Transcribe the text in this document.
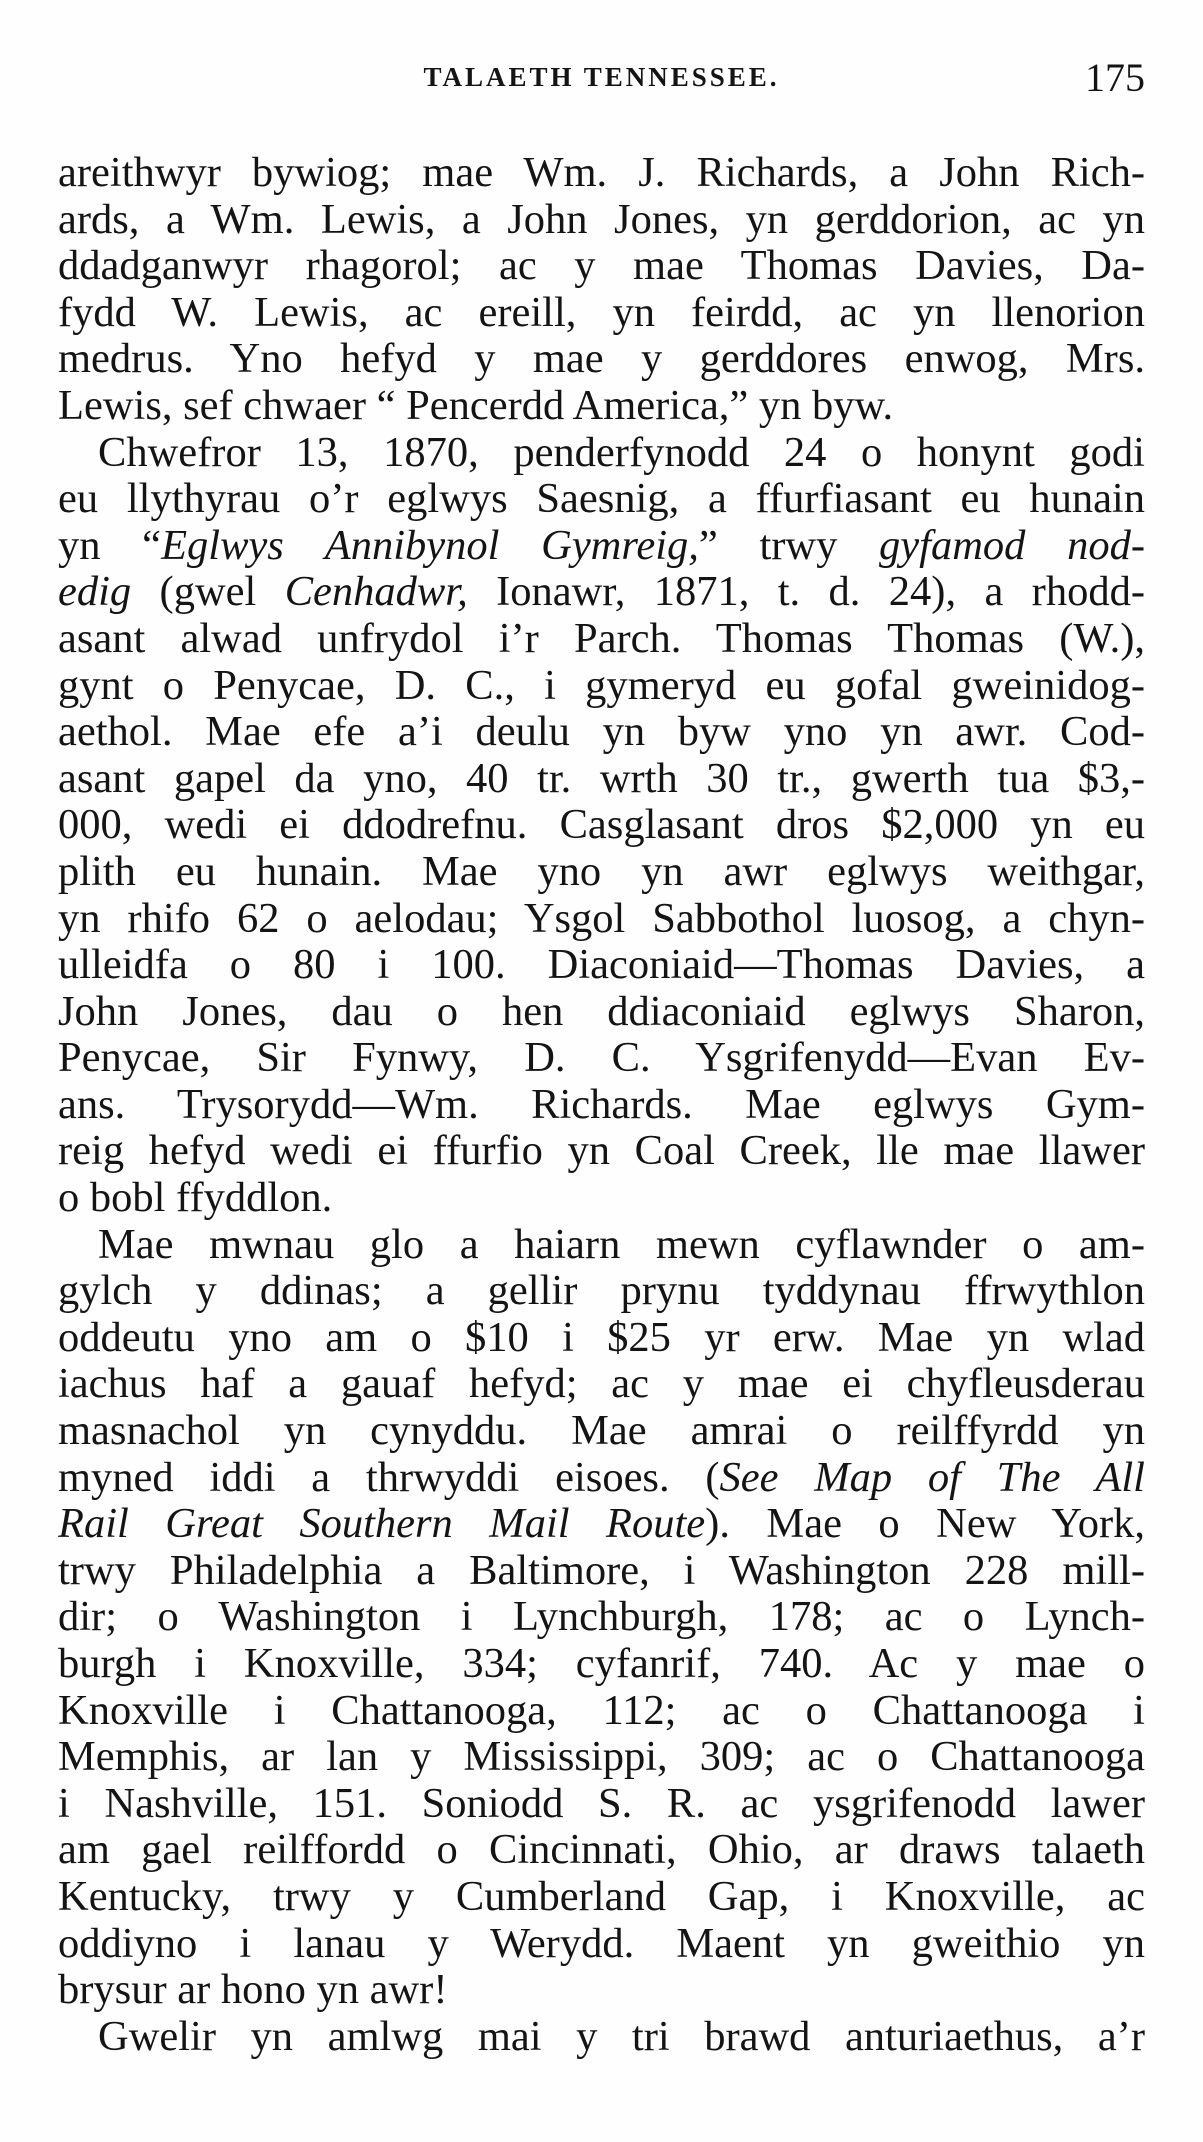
TALAETH TENNESSEE.	175
areithwyr bywiog; mae Wm. J. Richards, a John Rich-
ards, a Wm. Lewis, a John Jones, yn gerddorion, ac yn
ddadganwyr rhagorol; ac y mae Thomas Davies, Da-
fydd W. Lewis, ac ereill, yn feirdd, ac yn llenorion
medrus. Yno hefyd y mae y gerddores enwog, Mrs.
Lewis, sef chwaer “ Pencerdd America,” yn byw.
Chwefror 13, 1870, penderfynodd 24 o honynt godi
eu llythyrau o’r eglwys Saesnig, a ffurfiasant eu hunain
yn “Eglwys Annibynol Gymreig,” trwy gyfamod nod-
edig (gwel Cenhadwr, Ionawr, 1871, t. d. 24), a rhodd-
asant alwad unfrydol i’r Parch. Thomas Thomas (W.),
gynt o Penycae, D. C., i gymeryd eu gofal gweinidog-
aethol. Mae efe a’i deulu yn byw yno yn awr. Cod-
asant gapel da yno, 40 tr. wrth 30 tr., gwerth tua $3,-
000, wedi ei ddodrefnu. Casglasant dros $2,000 yn eu
plith eu hunain. Mae yno yn awr eglwys weithgar,
yn rhifo 62 o aelodau; Ysgol Sabbothol luosog, a chyn-
ulleidfa o 80 i 100. Diaconiaid—Thomas Davies, a
John Jones, dau o hen ddiaconiaid eglwys Sharon,
Penycae, Sir Fynwy, D. C. Ysgrifenydd—Evan Ev-
ans. Trysorydd—Wm. Richards. Mae eglwys Gym-
reig hefyd wedi ei ffurfio yn Coal Creek, lle mae llawer
o bobl ffyddlon.
Mae mwnau glo a haiarn mewn cyflawnder o am-
gylch y ddinas; a gellir prynu tyddynau ffrwythlon
oddeutu yno am o $10 i $25 yr erw. Mae yn wlad
iachus haf a gauaf hefyd; ac y mae ei chyfleusderau
masnachol yn cynyddu. Mae amrai o reilffyrdd yn
myned iddi a thrwyddi eisoes. (See Map of The All
Rail Great Southern Mail Route). Mae o New York,
trwy Philadelphia a Baltimore, i Washington 228 mill-
dir; o Washington i Lynchburgh, 178; ac o Lynch-
burgh i Knoxville, 334; cyfanrif, 740. Ac y mae o
Knoxville i Chattanooga, 112; ac o Chattanooga i
Memphis, ar lan y Mississippi, 309; ac o Chattanooga
i Nashville, 151. Soniodd S. R. ac ysgrifenodd lawer
am gael reilffordd o Cincinnati, Ohio, ar draws talaeth
Kentucky, trwy y Cumberland Gap, i Knoxville, ac
oddiyno i lanau y Werydd. Maent yn gweithio yn
brysur ar hono yn awr!
Gwelir yn amlwg mai y tri brawd anturiaethus, a’r
